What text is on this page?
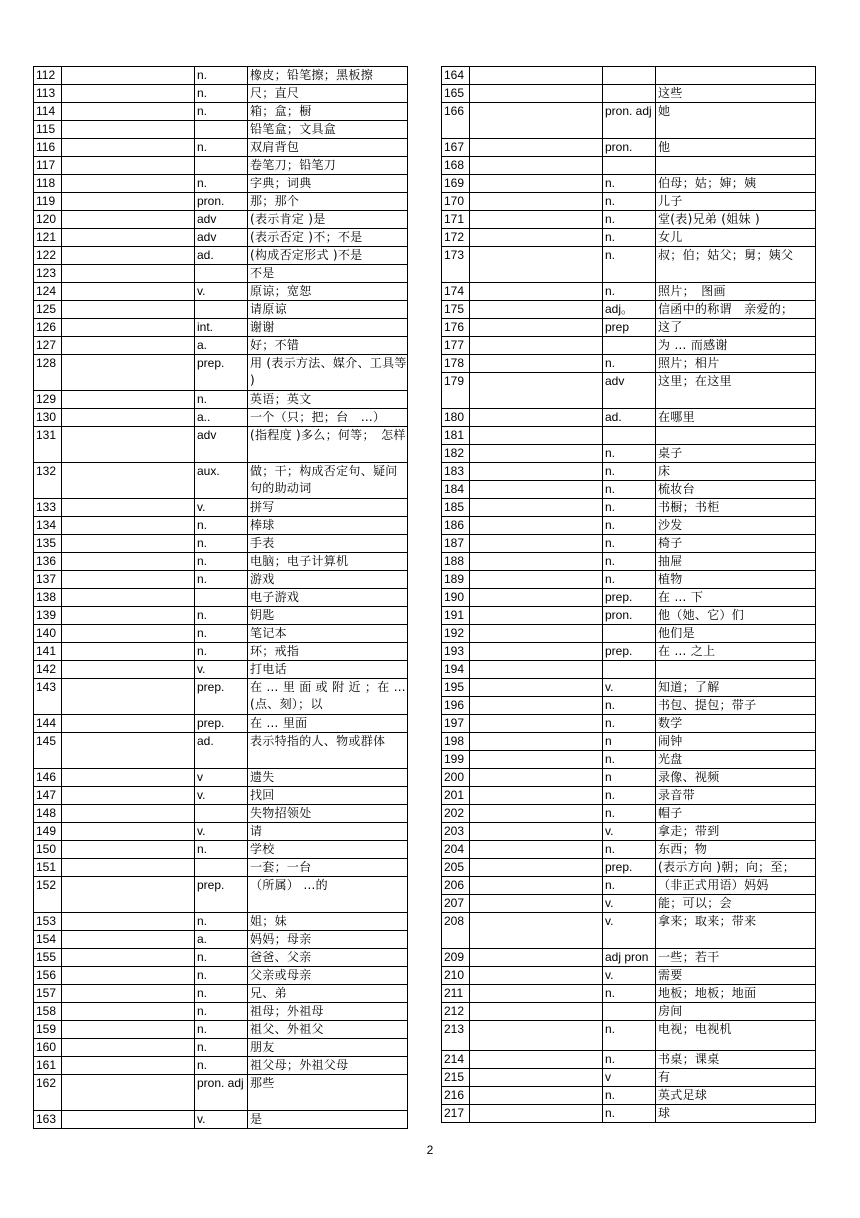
112		n.	橡皮；铅笔擦；黑板擦
113		n.	尺；直尺
114		n.	箱；盒；橱
115			铅笔盒；文具盒
116		n.	双肩背包
117			卷笔刀；铅笔刀
118		n.	字典；词典
119		pron.	那；那个
120		adv	(表示肯定 )是
121		adv	(表示否定 )不；不是
122		ad.	(构成否定形式 )不是
123			不是
124		v.	原谅；宽恕
125			请原谅
126		int.	谢谢
127		a.	好；不错
128		prep.	用 (表示方法、媒介、工具等 )
129		n.	英语；英文
130		a..	一个（只；把；台　…）
131		adv	(指程度 )多么；何等；　怎样
132		aux.	做；干；构成否定句、疑问句的助动词
133		v.	拼写
134		n.	棒球
135		n.	手表
136		n.	电脑；电子计算机
137		n.	游戏
138			电子游戏
139		n.	钥匙
140		n.	笔记本
141		n.	环；戒指
142		v.	打电话
143		prep.	在 … 里 面 或 附 近 ；在 …(点、刻）；以
144		prep.	在 … 里面
145		ad.	表示特指的人、物或群体
146		v	遗失
147		v.	找回
148			失物招领处
149		v.	请
150		n.	学校
151			一套；一台
152		prep.	（所属） …的
153		n.	姐；妹
154		a.	妈妈；母亲
155		n.	爸爸、父亲
156		n.	父亲或母亲
157		n.	兄、弟
158		n.	祖母；外祖母
159		n.	祖父、外祖父
160		n.	朋友
161		n.	祖父母；外祖父母
162		pron. adj	那些
163		v.	是
164			
165			这些
166		pron. adj	她
167		pron.	他
168			
169		n.	伯母；姑；婶；姨
170		n.	儿子
171		n.	堂(表)兄弟 (姐妹 )
172		n.	女儿
173		n.	叔；伯；姑父；舅；姨父
174		n.	照片；　图画
175		adj。	信函中的称谓　亲爱的；
176		prep	这了
177			为 … 而感谢
178		n.	照片；相片
179		adv	这里；在这里
180		ad.	在哪里
181			
182		n.	桌子
183		n.	床
184		n.	梳妆台
185		n.	书橱；书柜
186		n.	沙发
187		n.	椅子
188		n.	抽屉
189		n.	植物
190		prep.	在 … 下
191		pron.	他（她、它）们
192			他们是
193		prep.	在 … 之上
194			
195		v.	知道；了解
196		n.	书包、提包；带子
197		n.	数学
198		n	闹钟
199		n.	光盘
200		n	录像、视频
201		n.	录音带
202		n.	帽子
203		v.	拿走；带到
204		n.	东西；物
205		prep.	(表示方向 )朝；向；至；
206		n.	（非正式用语）妈妈
207		v.	能；可以；会
208		v.	拿来；取来；带来
209		adj pron	一些；若干
210		v.	需要
211		n.	地板；地板；地面
212			房间
213		n.	电视；电视机
214		n.	书桌；课桌
215		v	有
216		n.	英式足球
217		n.	球
2
